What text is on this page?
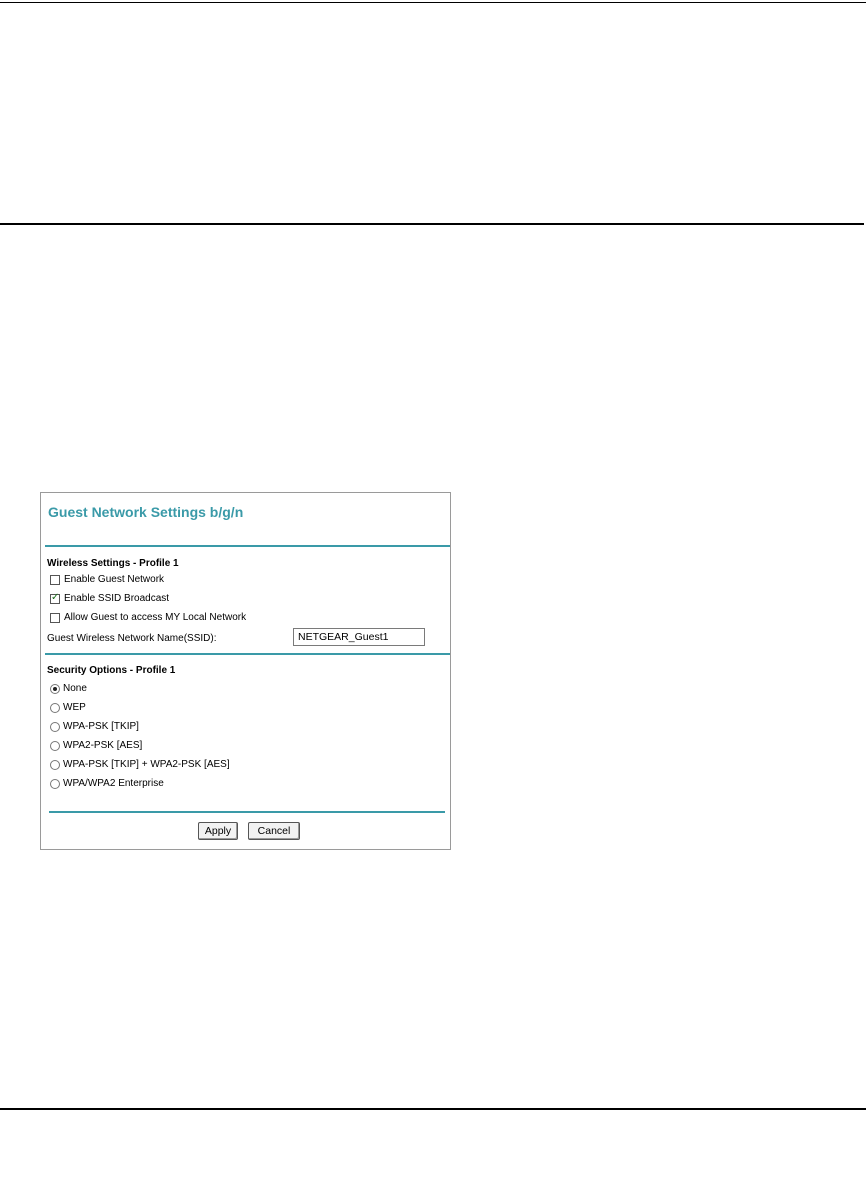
Guest Network Settings b/g/n
Wireless Settings - Profile 1
Enable Guest Network
✓
Enable SSID Broadcast
Allow Guest to access MY Local Network
Guest Wireless Network Name(SSID):
NETGEAR_Guest1
Security Options - Profile 1
None
WEP
WPA-PSK [TKIP]
WPA2-PSK [AES]
WPA-PSK [TKIP] + WPA2-PSK [AES]
WPA/WPA2 Enterprise
Apply	Cancel
